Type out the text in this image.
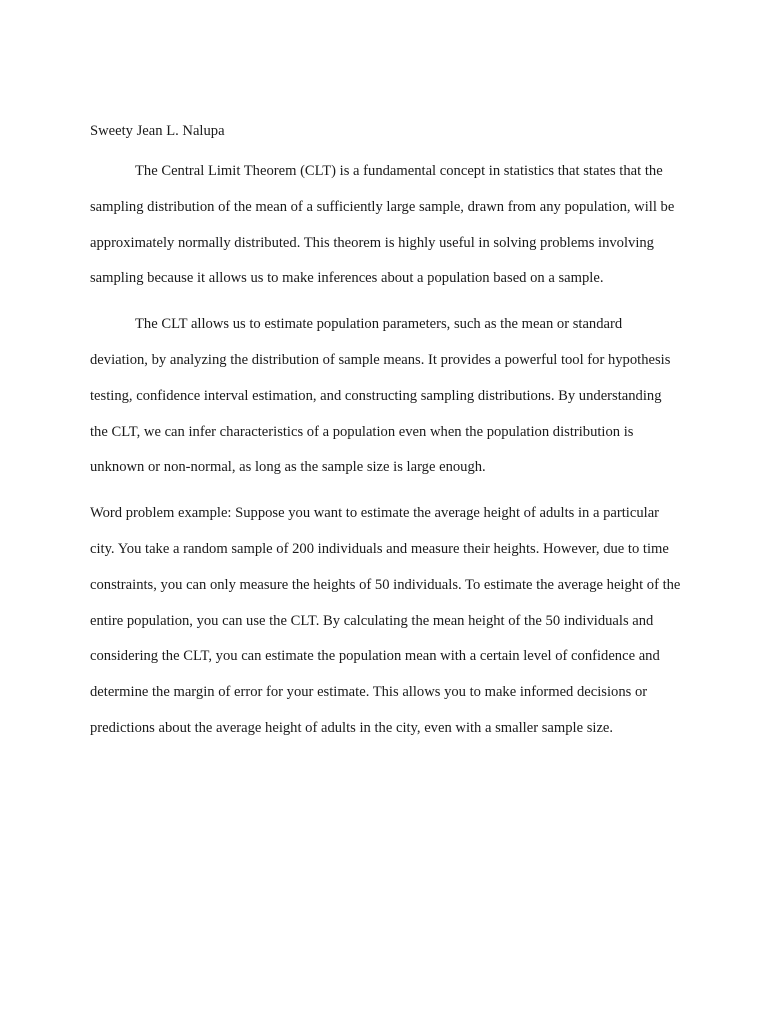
Sweety Jean L. Nalupa

The Central Limit Theorem (CLT) is a fundamental concept in statistics that states that the sampling distribution of the mean of a sufficiently large sample, drawn from any population, will be approximately normally distributed. This theorem is highly useful in solving problems involving sampling because it allows us to make inferences about a population based on a sample.

The CLT allows us to estimate population parameters, such as the mean or standard deviation, by analyzing the distribution of sample means. It provides a powerful tool for hypothesis testing, confidence interval estimation, and constructing sampling distributions. By understanding the CLT, we can infer characteristics of a population even when the population distribution is unknown or non-normal, as long as the sample size is large enough.

Word problem example: Suppose you want to estimate the average height of adults in a particular city. You take a random sample of 200 individuals and measure their heights. However, due to time constraints, you can only measure the heights of 50 individuals. To estimate the average height of the entire population, you can use the CLT. By calculating the mean height of the 50 individuals and considering the CLT, you can estimate the population mean with a certain level of confidence and determine the margin of error for your estimate. This allows you to make informed decisions or predictions about the average height of adults in the city, even with a smaller sample size.
